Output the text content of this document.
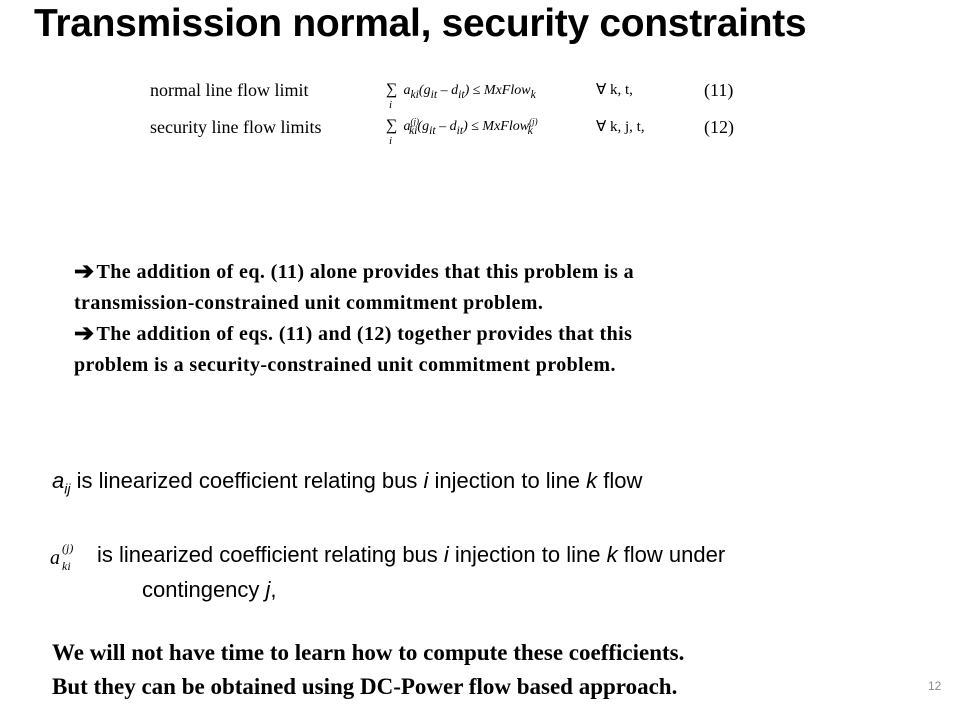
Transmission normal, security constraints
normal line flow limit	∑
i
$a_{ki}(g_{it} - d_{it})$ ≤ MxFlow$_k$	∀ k, t,	(11)
security line flow limits	∑
i
$a^{(j)}_{ki}(g_{it} - d_{it})$ ≤ MxFlow$^{(j)}_k$	∀ k, j, t,	(12)
➔ The addition of eq. (11) alone provides that this problem is a
transmission-constrained unit commitment problem.
➔ The addition of eqs. (11) and (12) together provides that this
problem is a security-constrained unit commitment problem.
$a_{ij}$ is linearized coefficient relating bus i injection to line k flow
a (j)
ki is linearized coefficient relating bus i injection to line k flow under
contingency j,
We will not have time to learn how to compute these coefficients.
But they can be obtained using DC-Power flow based approach.	12
